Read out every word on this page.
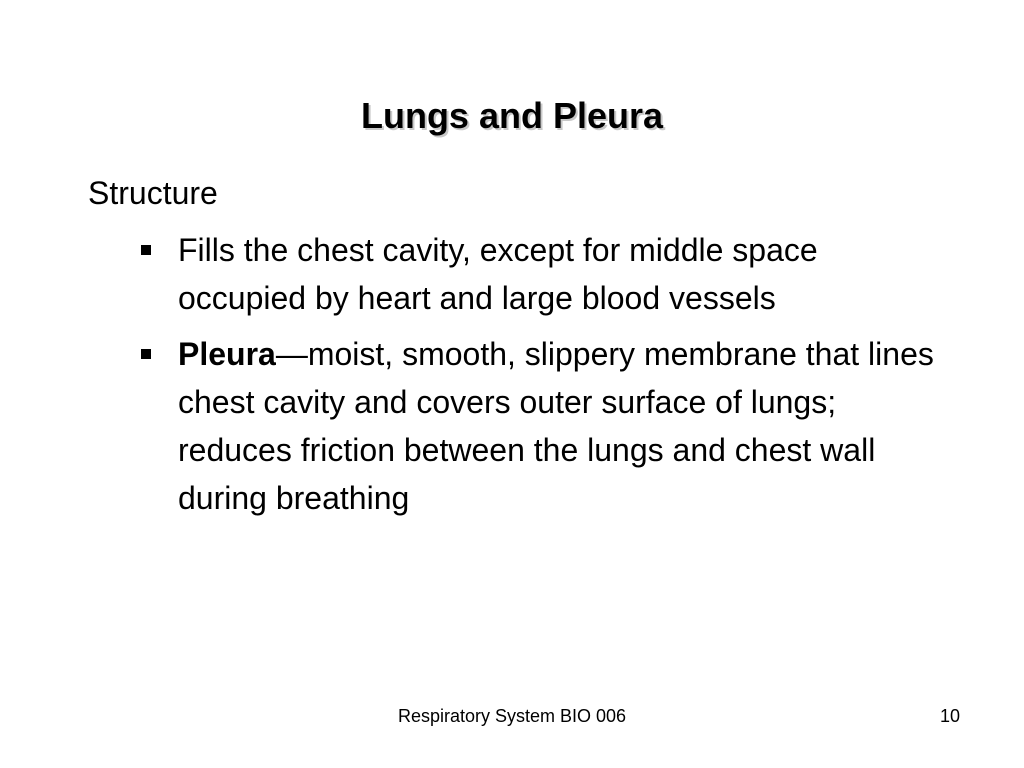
Lungs and Pleura
Structure
Fills the chest cavity, except for middle space occupied by heart and large blood vessels
Pleura—moist, smooth, slippery membrane that lines chest cavity and covers outer surface of lungs; reduces friction between the lungs and chest wall during breathing
Respiratory System BIO 006	10
